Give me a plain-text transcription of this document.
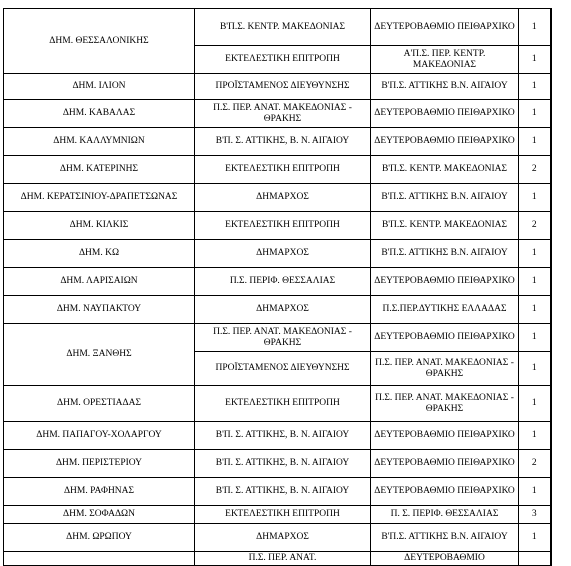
ΔΗΜ. ΘΕΣΣΑΛΟΝΙΚΗΣ	Β'Π.Σ. ΚΕΝΤΡ. ΜΑΚΕΔΟΝΙΑΣ	ΔΕΥΤΕΡΟΒΑΘΜΙΟ ΠΕΙΘΑΡΧΙΚΟ	1
	ΕΚΤΕΛΕΣΤΙΚΗ ΕΠΙΤΡΟΠΗ	Α'Π.Σ. ΠΕΡ. ΚΕΝΤΡ. ΜΑΚΕΔΟΝΙΑΣ	1
ΔΗΜ. ΙΛΙΟΝ	ΠΡΟΪΣΤΑΜΕΝΟΣ ΔΙΕΥΘΥΝΣΗΣ	Β'Π.Σ. ΑΤΤΙΚΗΣ Β.Ν. ΑΙΓΑΙΟΥ	1
ΔΗΜ. ΚΑΒΑΛΑΣ	Π.Σ. ΠΕΡ. ΑΝΑΤ. ΜΑΚΕΔΟΝΙΑΣ - ΘΡΑΚΗΣ	ΔΕΥΤΕΡΟΒΑΘΜΙΟ ΠΕΙΘΑΡΧΙΚΟ	1
ΔΗΜ. ΚΑΛΛΥΜΝΙΩΝ	Β'Π. Σ. ΑΤΤΙΚΗΣ, Β. Ν. ΑΙΓΑΙΟΥ	ΔΕΥΤΕΡΟΒΑΘΜΙΟ ΠΕΙΘΑΡΧΙΚΟ	1
ΔΗΜ. ΚΑΤΕΡΙΝΗΣ	ΕΚΤΕΛΕΣΤΙΚΗ ΕΠΙΤΡΟΠΗ	Β'Π.Σ. ΚΕΝΤΡ. ΜΑΚΕΔΟΝΙΑΣ	2
ΔΗΜ. ΚΕΡΑΤΣΙΝΙΟΥ-ΔΡΑΠΕΤΣΩΝΑΣ	ΔΗΜΑΡΧΟΣ	Β'Π.Σ. ΑΤΤΙΚΗΣ Β.Ν. ΑΙΓΑΙΟΥ	1
ΔΗΜ. ΚΙΛΚΙΣ	ΕΚΤΕΛΕΣΤΙΚΗ ΕΠΙΤΡΟΠΗ	Β'Π.Σ. ΚΕΝΤΡ. ΜΑΚΕΔΟΝΙΑΣ	2
ΔΗΜ. ΚΩ	ΔΗΜΑΡΧΟΣ	Β'Π.Σ. ΑΤΤΙΚΗΣ Β.Ν. ΑΙΓΑΙΟΥ	1
ΔΗΜ. ΛΑΡΙΣΑΙΩΝ	Π.Σ. ΠΕΡΙΦ. ΘΕΣΣΑΛΙΑΣ	ΔΕΥΤΕΡΟΒΑΘΜΙΟ ΠΕΙΘΑΡΧΙΚΟ	1
ΔΗΜ. ΝΑΥΠΑΚΤΟΥ	ΔΗΜΑΡΧΟΣ	Π.Σ.ΠΕΡ.ΔΥΤΙΚΗΣ ΕΛΛΑΔΑΣ	1
ΔΗΜ. ΞΑΝΘΗΣ	Π.Σ. ΠΕΡ. ΑΝΑΤ. ΜΑΚΕΔΟΝΙΑΣ - ΘΡΑΚΗΣ	ΔΕΥΤΕΡΟΒΑΘΜΙΟ ΠΕΙΘΑΡΧΙΚΟ	1
	ΠΡΟΪΣΤΑΜΕΝΟΣ ΔΙΕΥΘΥΝΣΗΣ	Π.Σ. ΠΕΡ. ΑΝΑΤ. ΜΑΚΕΔΟΝΙΑΣ - ΘΡΑΚΗΣ	1
ΔΗΜ. ΟΡΕΣΤΙΑΔΑΣ	ΕΚΤΕΛΕΣΤΙΚΗ ΕΠΙΤΡΟΠΗ	Π.Σ. ΠΕΡ. ΑΝΑΤ. ΜΑΚΕΔΟΝΙΑΣ - ΘΡΑΚΗΣ	1
ΔΗΜ. ΠΑΠΑΓΟΥ-ΧΟΛΑΡΓΟΥ	Β'Π. Σ. ΑΤΤΙΚΗΣ, Β. Ν. ΑΙΓΑΙΟΥ	ΔΕΥΤΕΡΟΒΑΘΜΙΟ ΠΕΙΘΑΡΧΙΚΟ	1
ΔΗΜ. ΠΕΡΙΣΤΕΡΙΟΥ	Β'Π. Σ. ΑΤΤΙΚΗΣ, Β. Ν. ΑΙΓΑΙΟΥ	ΔΕΥΤΕΡΟΒΑΘΜΙΟ ΠΕΙΘΑΡΧΙΚΟ	2
ΔΗΜ. ΡΑΦΗΝΑΣ	Β'Π. Σ. ΑΤΤΙΚΗΣ, Β. Ν. ΑΙΓΑΙΟΥ	ΔΕΥΤΕΡΟΒΑΘΜΙΟ ΠΕΙΘΑΡΧΙΚΟ	1
ΔΗΜ. ΣΟΦΑΔΩΝ	ΕΚΤΕΛΕΣΤΙΚΗ ΕΠΙΤΡΟΠΗ	Π. Σ. ΠΕΡΙΦ. ΘΕΣΣΑΛΙΑΣ	3
ΔΗΜ. ΩΡΩΠΟΥ	ΔΗΜΑΡΧΟΣ	Β'Π.Σ. ΑΤΤΙΚΗΣ Β.Ν. ΑΙΓΑΙΟΥ	1
	Π.Σ. ΠΕΡ. ΑΝΑΤ.	ΔΕΥΤΕΡΟΒΑΘΜΙΟ	
